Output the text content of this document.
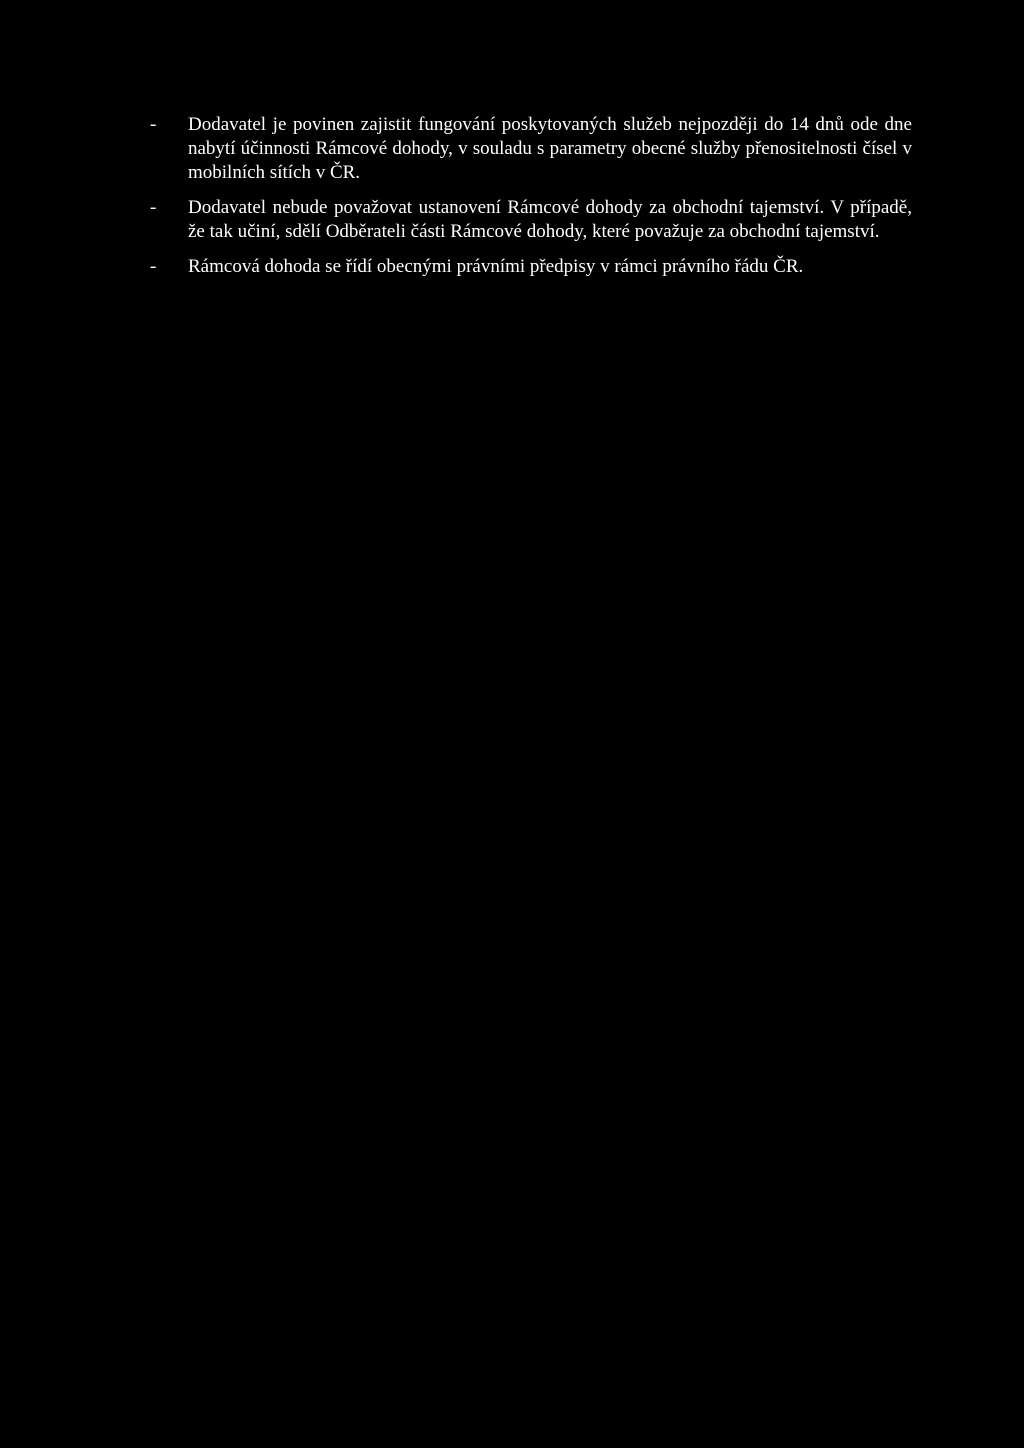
-	Dodavatel je povinen zajistit fungování poskytovaných služeb nejpozději do 14 dnů ode dne nabytí účinnosti Rámcové dohody, v souladu s parametry obecné služby přenositelnosti čísel v mobilních sítích v ČR.
-	Dodavatel nebude považovat ustanovení Rámcové dohody za obchodní tajemství. V případě, že tak učiní, sdělí Odběrateli části Rámcové dohody, které považuje za obchodní tajemství.
-	Rámcová dohoda se řídí obecnými právními předpisy v rámci právního řádu ČR.
